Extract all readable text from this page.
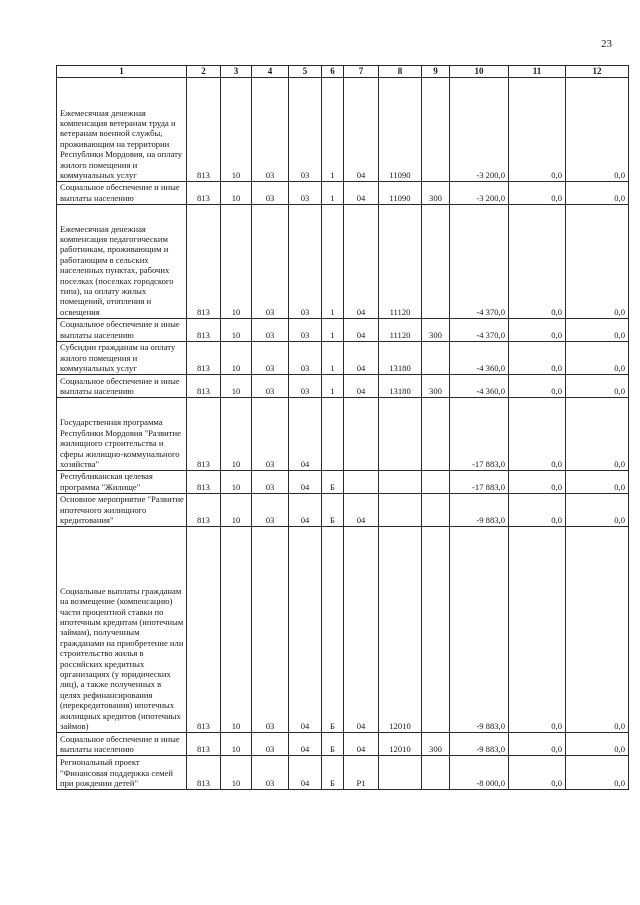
23
1	2	3	4	5	6	7	8	9	10	11	12
Ежемесячная денежная компенсация ветеранам труда и ветеранам военной службы, проживающим на территории Республики Мордовия, на оплату жилого помещения и коммунальных услуг	813	10	03	03	1	04	11090		-3 200,0	0,0	0,0
Социальное обеспечение и иные выплаты населению	813	10	03	03	1	04	11090	300	-3 200,0	0,0	0,0
Ежемесячная денежная компенсация педагогическим работникам, проживающим и работающим в сельских населенных пунктах, рабочих поселках (поселках городского типа), на оплату жилых помещений, отопления и освещения	813	10	03	03	1	04	11120		-4 370,0	0,0	0,0
Социальное обеспечение и иные выплаты населению	813	10	03	03	1	04	11120	300	-4 370,0	0,0	0,0
Субсидии гражданам на оплату жилого помещения и коммунальных услуг	813	10	03	03	1	04	13180		-4 360,0	0,0	0,0
Социальное обеспечение и иные выплаты населению	813	10	03	03	1	04	13180	300	-4 360,0	0,0	0,0
Государственная программа Республики Мордовия "Развитие жилищного строительства и сферы жилищно-коммунального хозяйства"	813	10	03	04					-17 883,0	0,0	0,0
Республиканская целевая программа "Жилище"	813	10	03	04	Б				-17 883,0	0,0	0,0
Основное мероприятие "Развитие ипотечного жилищного кредитования"	813	10	03	04	Б	04			-9 883,0	0,0	0,0
Социальные выплаты гражданам на возмещение (компенсацию) части процентной ставки по ипотечным кредитам (ипотечным займам), полученным гражданами на приобретение или строительство жилья в российских кредитных организациях (у юридических лиц), а также полученных в целях рефинансирования (перекредитования) ипотечных жилищных кредитов (ипотечных займов)	813	10	03	04	Б	04	12010		-9 883,0	0,0	0,0
Социальное обеспечение и иные выплаты населению	813	10	03	04	Б	04	12010	300	-9 883,0	0,0	0,0
Региональный проект "Финансовая поддержка семей при рождении детей"	813	10	03	04	Б	P1			-8 000,0	0,0	0,0
